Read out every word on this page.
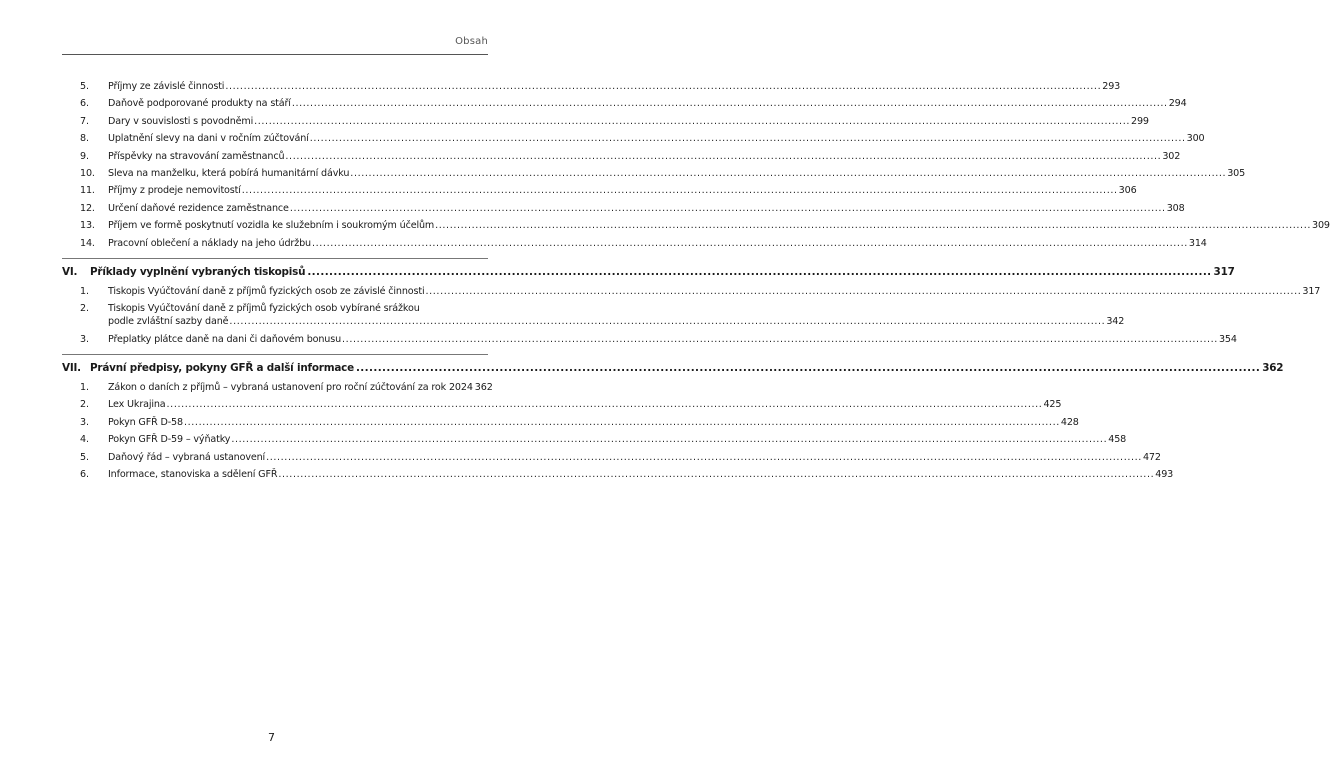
Obsah
5.	Příjmy ze závislé činnosti .....	293
6.	Daňově podporované produkty na stáří .....	294
7.	Dary v souvislosti s povodněmi .....	299
8.	Uplatnění slevy na dani v ročním zúčtování .....	300
9.	Příspěvky na stravování zaměstnanců .....	302
10.	Sleva na manželku, která pobírá humanitární dávku .....	305
11.	Příjmy z prodeje nemovitostí .....	306
12.	Určení daňové rezidence zaměstnance .....	308
13.	Příjem ve formě poskytnutí vozidla ke služebním i soukromým účelům .....	309
14.	Pracovní oblečení a náklady na jeho údržbu .....	314
VI.	Příklady vyplnění vybraných tiskopisů .....	317
1.	Tiskopis Vyúčtování daně z příjmů fyzických osob ze závislé činnosti .....	317
2.	Tiskopis Vyúčtování daně z příjmů fyzických osob vybírané srážkou
podle zvláštní sazby daně .....	342
3.	Přeplatky plátce daně na dani či daňovém bonusu .....	354
VII. Právní předpisy, pokyny GFŘ a další informace .....	362
1.	Zákon o daních z příjmů – vybraná ustanovení pro roční zúčtování za rok 2024 362
2.	Lex Ukrajina .....	425
3.	Pokyn GFŘ D-58 .....	428
4.	Pokyn GFŘ D-59 – výňatky .....	458
5.	Daňový řád – vybraná ustanovení .....	472
6.	Informace, stanoviska a sdělení GFŘ .....	493
7
